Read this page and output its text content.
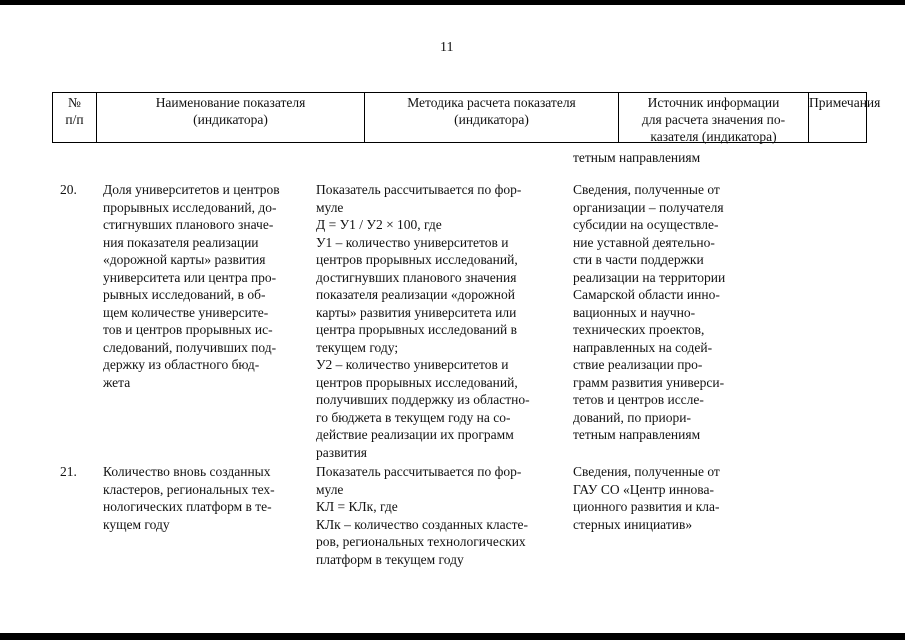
11
№
п/п
Наименование показателя
(индикатора)
Методика расчета показателя
(индикатора)
Источник информации
для расчета значения по-
казателя (индикатора)
Примечания
тетным направлениям
20. Доля университетов и центров
прорывных исследований, до-
стигнувших планового значе-
ния показателя реализации
«дорожной карты» развития
университета или центра про-
рывных исследований, в об-
щем количестве университе-
тов и центров прорывных ис-
следований, получивших под-
держку из областного бюд-
жета
Показатель рассчитывается по фор-
муле
Д = У1 / У2 × 100, где
У1 – количество университетов и
центров прорывных исследований,
достигнувших планового значения
показателя реализации «дорожной
карты» развития университета или
центра прорывных исследований в
текущем году;
У2 – количество университетов и
центров прорывных исследований,
получивших поддержку из областно-
го бюджета в текущем году на со-
действие реализации их программ
развития
Сведения, полученные от
организации – получателя
субсидии на осуществле-
ние уставной деятельно-
сти в части поддержки
реализации на территории
Самарской области инно-
вационных и научно-
технических проектов,
направленных на содей-
ствие реализации про-
грамм развития универси-
тетов и центров иссле-
дований, по приори-
тетным направлениям
21. Количество вновь созданных
кластеров, региональных тех-
нологических платформ в те-
кущем году
Показатель рассчитывается по фор-
муле
КЛ = КЛк, где
КЛк – количество созданных класте-
ров, региональных технологических
платформ в текущем году
Сведения, полученные от
ГАУ СО «Центр иннова-
ционного развития и кла-
стерных инициатив»
